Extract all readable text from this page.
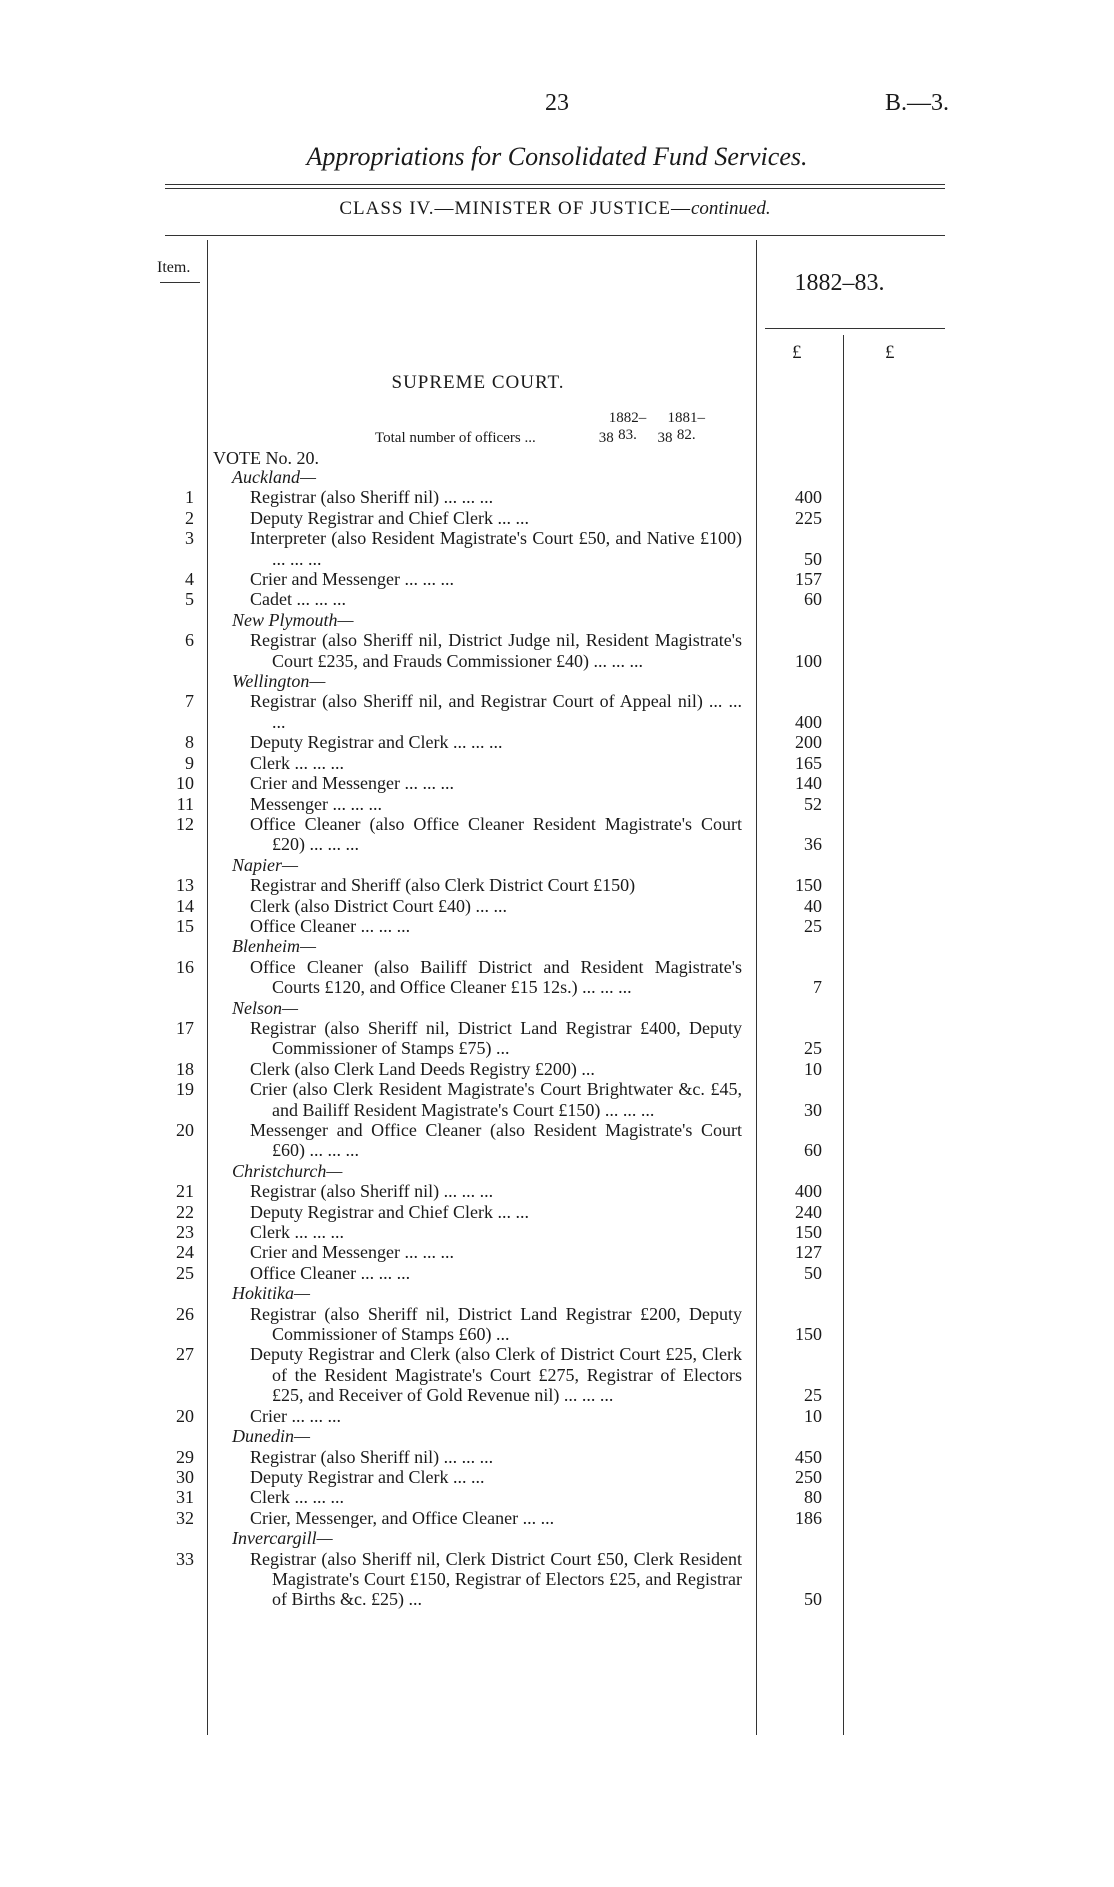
23	B.—3.
Appropriations for Consolidated Fund Services.
CLASS IV.—MINISTER OF JUSTICE—continued.
Item.
1882–83.
£	£
SUPREME COURT.
1882–83. 1881–82.
Total number of officers ...	38	38
VOTE No. 20.
Auckland—
1	Registrar (also Sheriff nil) ... ... ...	400
2	Deputy Registrar and Chief Clerk ... ...	225
3	Interpreter (also Resident Magistrate's Court £50, and Native £100) ... ... ...	50
4	Crier and Messenger ... ... ...	157
5	Cadet ... ... ...	60
New Plymouth—
6	Registrar (also Sheriff nil, District Judge nil, Resident Magistrate's Court £235, and Frauds Commissioner £40) ... ... ...	100
Wellington—
7	Registrar (also Sheriff nil, and Registrar Court of Appeal nil) ... ... ...	400
8	Deputy Registrar and Clerk ... ... ...	200
9	Clerk ... ... ...	165
10	Crier and Messenger ... ... ...	140
11	Messenger ... ... ...	52
12	Office Cleaner (also Office Cleaner Resident Magistrate's Court £20) ... ... ...	36
Napier—
13	Registrar and Sheriff (also Clerk District Court £150)	150
14	Clerk (also District Court £40) ... ...	40
15	Office Cleaner ... ... ...	25
Blenheim—
16	Office Cleaner (also Bailiff District and Resident Magistrate's Courts £120, and Office Cleaner £15 12s.) ... ... ...	7
Nelson—
17	Registrar (also Sheriff nil, District Land Registrar £400, Deputy Commissioner of Stamps £75) ...	25
18	Clerk (also Clerk Land Deeds Registry £200) ...	10
19	Crier (also Clerk Resident Magistrate's Court Brightwater &c. £45, and Bailiff Resident Magistrate's Court £150) ... ... ...	30
20	Messenger and Office Cleaner (also Resident Magistrate's Court £60) ... ... ...	60
Christchurch—
21	Registrar (also Sheriff nil) ... ... ...	400
22	Deputy Registrar and Chief Clerk ... ...	240
23	Clerk ... ... ...	150
24	Crier and Messenger ... ... ...	127
25	Office Cleaner ... ... ...	50
Hokitika—
26	Registrar (also Sheriff nil, District Land Registrar £200, Deputy Commissioner of Stamps £60) ...	150
27	Deputy Registrar and Clerk (also Clerk of District Court £25, Clerk of the Resident Magistrate's Court £275, Registrar of Electors £25, and Receiver of Gold Revenue nil) ... ... ...	25
20	Crier ... ... ...	10
Dunedin—
29	Registrar (also Sheriff nil) ... ... ...	450
30	Deputy Registrar and Clerk ... ...	250
31	Clerk ... ... ...	80
32	Crier, Messenger, and Office Cleaner ... ...	186
Invercargill—
33	Registrar (also Sheriff nil, Clerk District Court £50, Clerk Resident Magistrate's Court £150, Registrar of Electors £25, and Registrar of Births &c. £25) ...	50
